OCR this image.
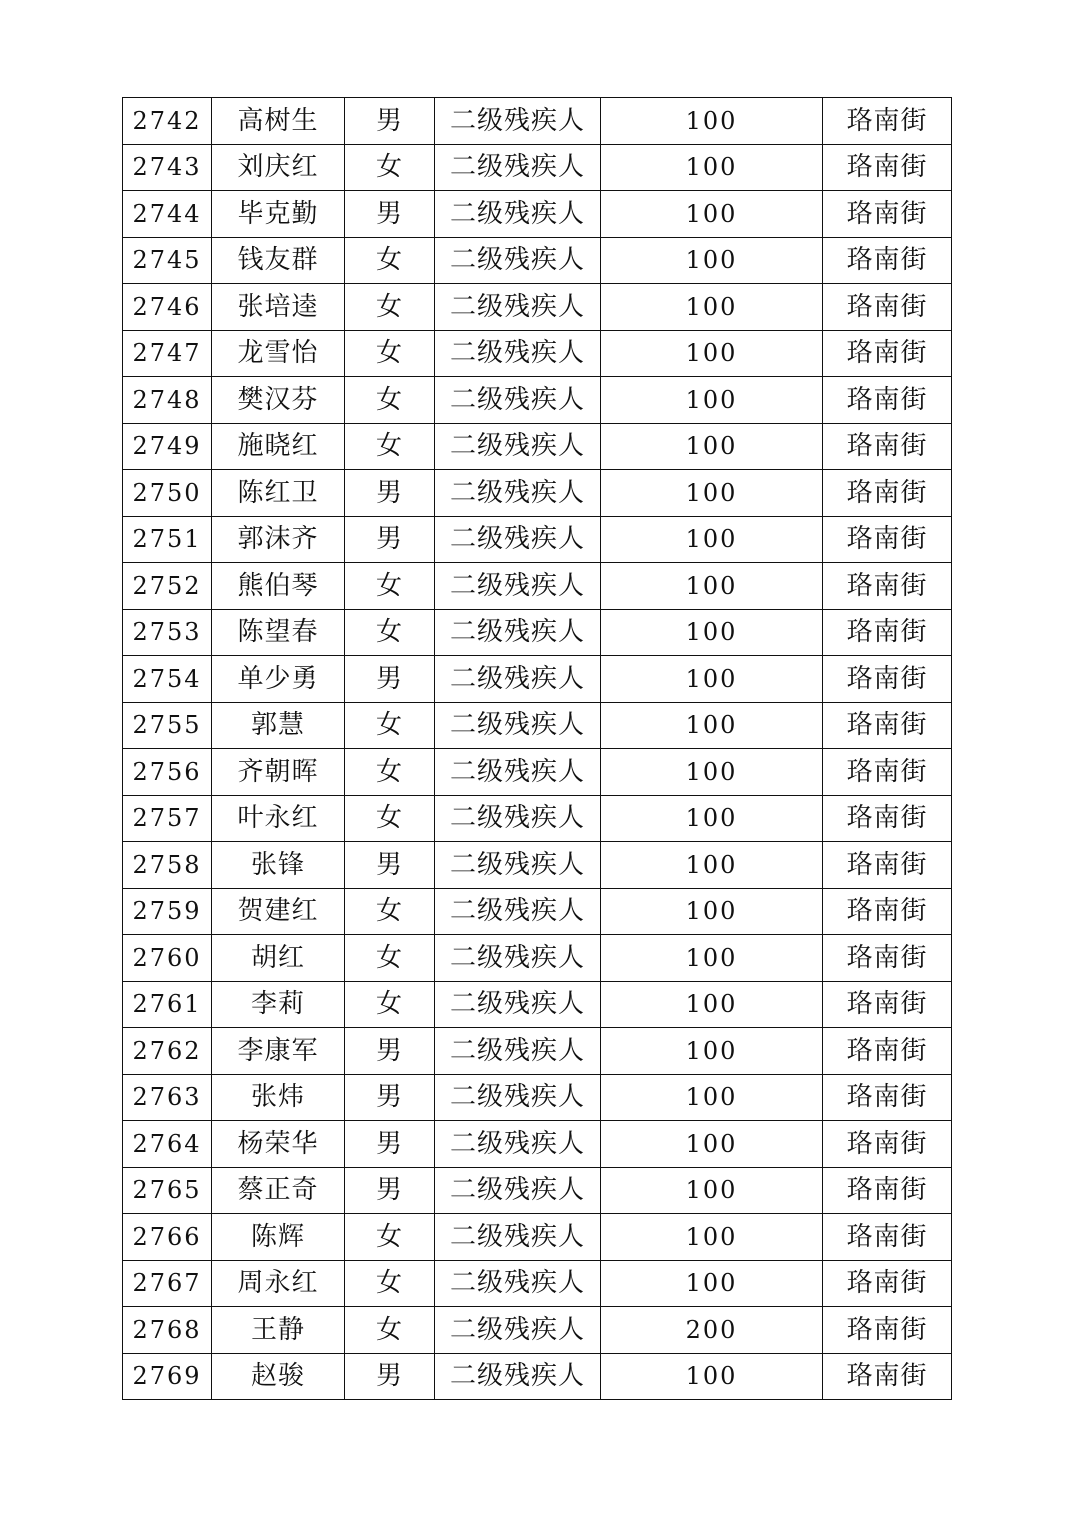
2742	高树生	男	二级残疾人	100	珞南街
2743	刘庆红	女	二级残疾人	100	珞南街
2744	毕克勤	男	二级残疾人	100	珞南街
2745	钱友群	女	二级残疾人	100	珞南街
2746	张培逵	女	二级残疾人	100	珞南街
2747	龙雪怡	女	二级残疾人	100	珞南街
2748	樊汉芬	女	二级残疾人	100	珞南街
2749	施晓红	女	二级残疾人	100	珞南街
2750	陈红卫	男	二级残疾人	100	珞南街
2751	郭沫齐	男	二级残疾人	100	珞南街
2752	熊伯琴	女	二级残疾人	100	珞南街
2753	陈望春	女	二级残疾人	100	珞南街
2754	单少勇	男	二级残疾人	100	珞南街
2755	郭慧	女	二级残疾人	100	珞南街
2756	齐朝晖	女	二级残疾人	100	珞南街
2757	叶永红	女	二级残疾人	100	珞南街
2758	张锋	男	二级残疾人	100	珞南街
2759	贺建红	女	二级残疾人	100	珞南街
2760	胡红	女	二级残疾人	100	珞南街
2761	李莉	女	二级残疾人	100	珞南街
2762	李康军	男	二级残疾人	100	珞南街
2763	张炜	男	二级残疾人	100	珞南街
2764	杨荣华	男	二级残疾人	100	珞南街
2765	蔡正奇	男	二级残疾人	100	珞南街
2766	陈辉	女	二级残疾人	100	珞南街
2767	周永红	女	二级残疾人	100	珞南街
2768	王静	女	二级残疾人	200	珞南街
2769	赵骏	男	二级残疾人	100	珞南街
